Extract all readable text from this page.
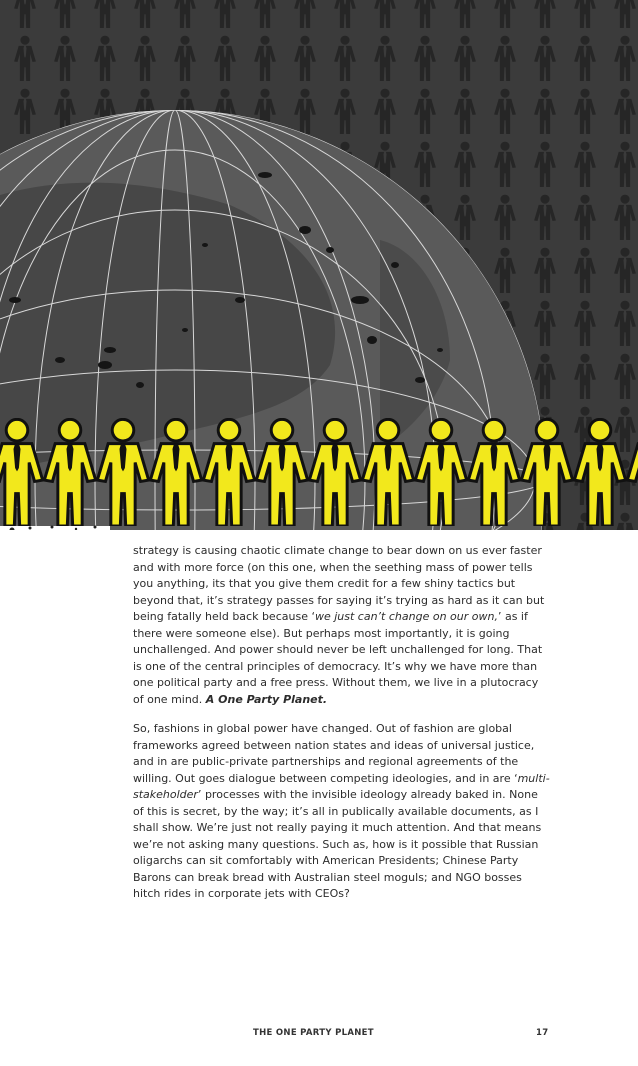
strategy is causing chaotic climate change to bear down on us ever faster and with more force (on this one, when the seething mass of power tells you anything, its that you give them credit for a few shiny tactics but beyond that, it’s strategy passes for saying it’s trying as hard as it can but being fatally held back because ‘we just can’t change on our own,’ as if there were someone else). But perhaps most importantly, it is going unchallenged. And power should never be left unchallenged for long. That is one of the central principles of democracy. It’s why we have more than one political party and a free press. Without them, we live in a plutocracy of one mind. A One Party Planet.

So, fashions in global power have changed. Out of fashion are global frameworks agreed between nation states and ideas of universal justice, and in are public-private partnerships and regional agreements of the willing. Out goes dialogue between competing ideologies, and in are ‘multi-stakeholder’ processes with the invisible ideology already baked in. None of this is secret, by the way; it’s all in publically available documents, as I shall show. We’re just not really paying it much attention. And that means we’re not asking many questions. Such as, how is it possible that Russian oligarchs can sit comfortably with American Presidents; Chinese Party Barons can break bread with Australian steel moguls; and NGO bosses hitch rides in corporate jets with CEOs?

THE ONE PARTY PLANET	17
